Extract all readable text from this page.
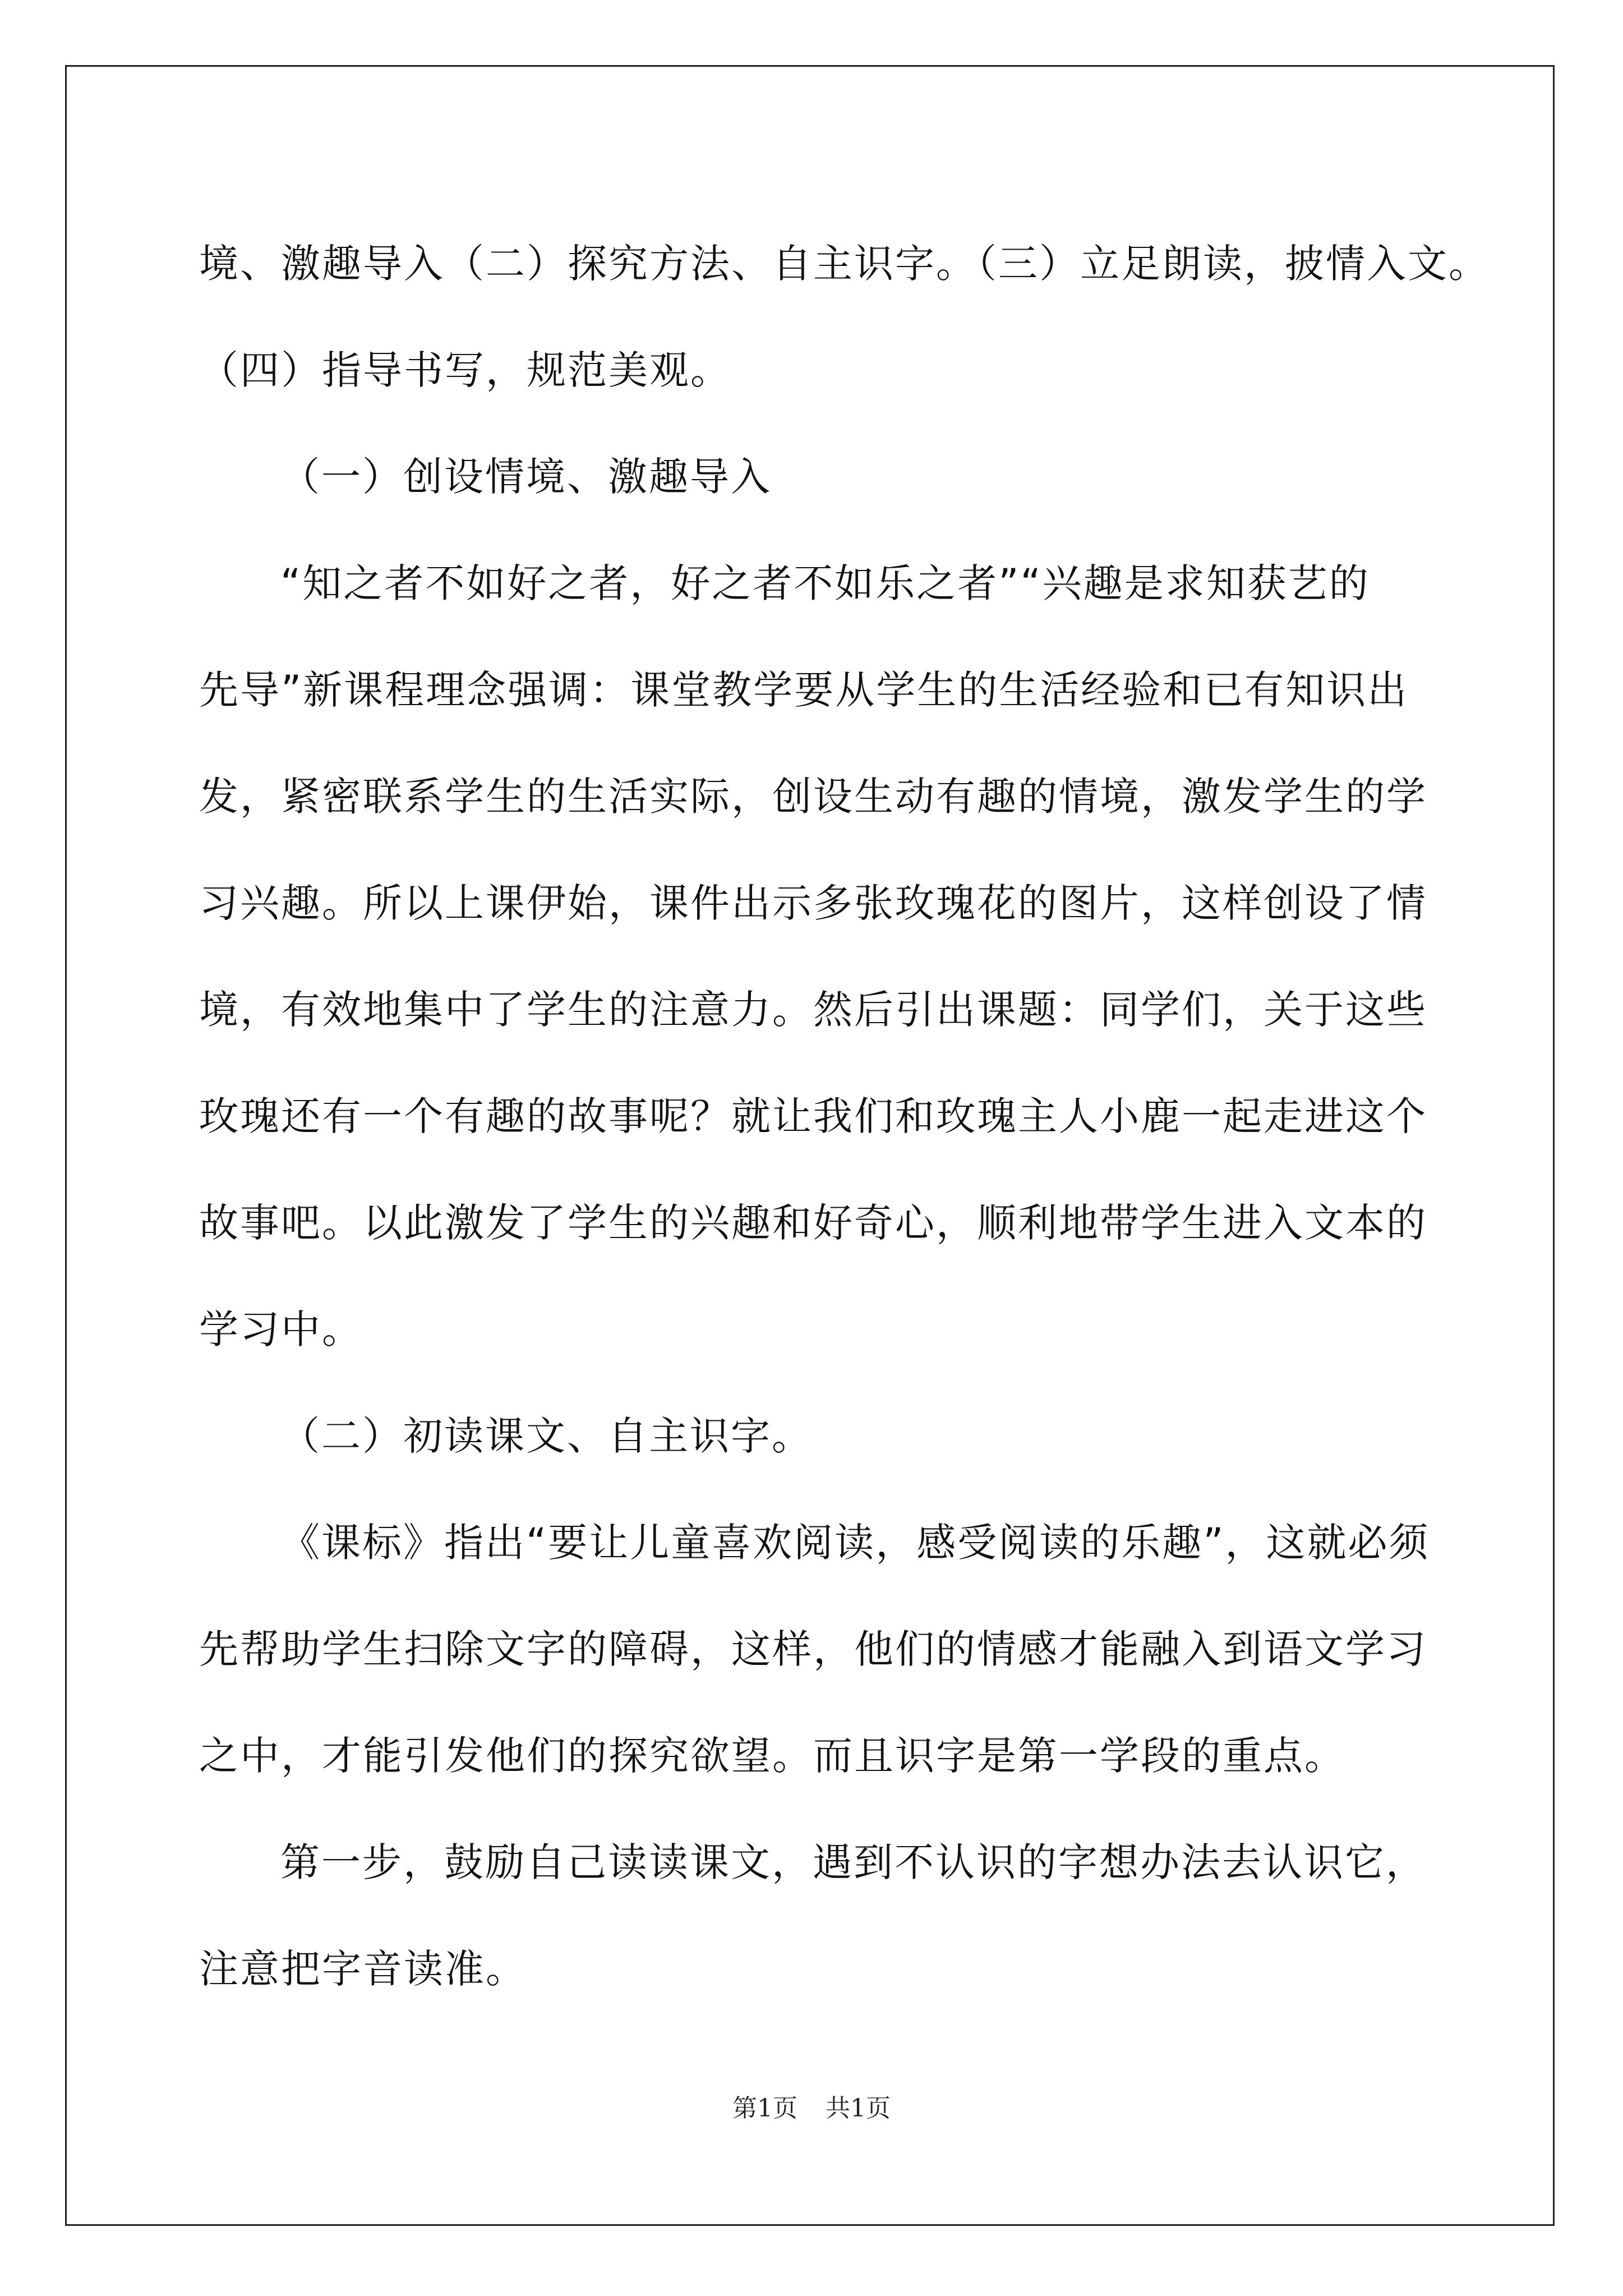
境、激趣导入（二）探究方法、自主识字。（三）立足朗读，披情入文。
（四）指导书写，规范美观。
（一）创设情境、激趣导入
“知之者不如好之者，好之者不如乐之者”“兴趣是求知获艺的
先导”新课程理念强调：课堂教学要从学生的生活经验和已有知识出
发，紧密联系学生的生活实际，创设生动有趣的情境，激发学生的学
习兴趣。所以上课伊始，课件出示多张玫瑰花的图片，这样创设了情
境，有效地集中了学生的注意力。然后引出课题：同学们，关于这些
玫瑰还有一个有趣的故事呢？就让我们和玫瑰主人小鹿一起走进这个
故事吧。以此激发了学生的兴趣和好奇心，顺利地带学生进入文本的
学习中。
（二）初读课文、自主识字。
《课标》指出“要让儿童喜欢阅读，感受阅读的乐趣”，这就必须
先帮助学生扫除文字的障碍，这样，他们的情感才能融入到语文学习
之中，才能引发他们的探究欲望。而且识字是第一学段的重点。
第一步，鼓励自己读读课文，遇到不认识的字想办法去认识它，
注意把字音读准。
第1页 共1页
